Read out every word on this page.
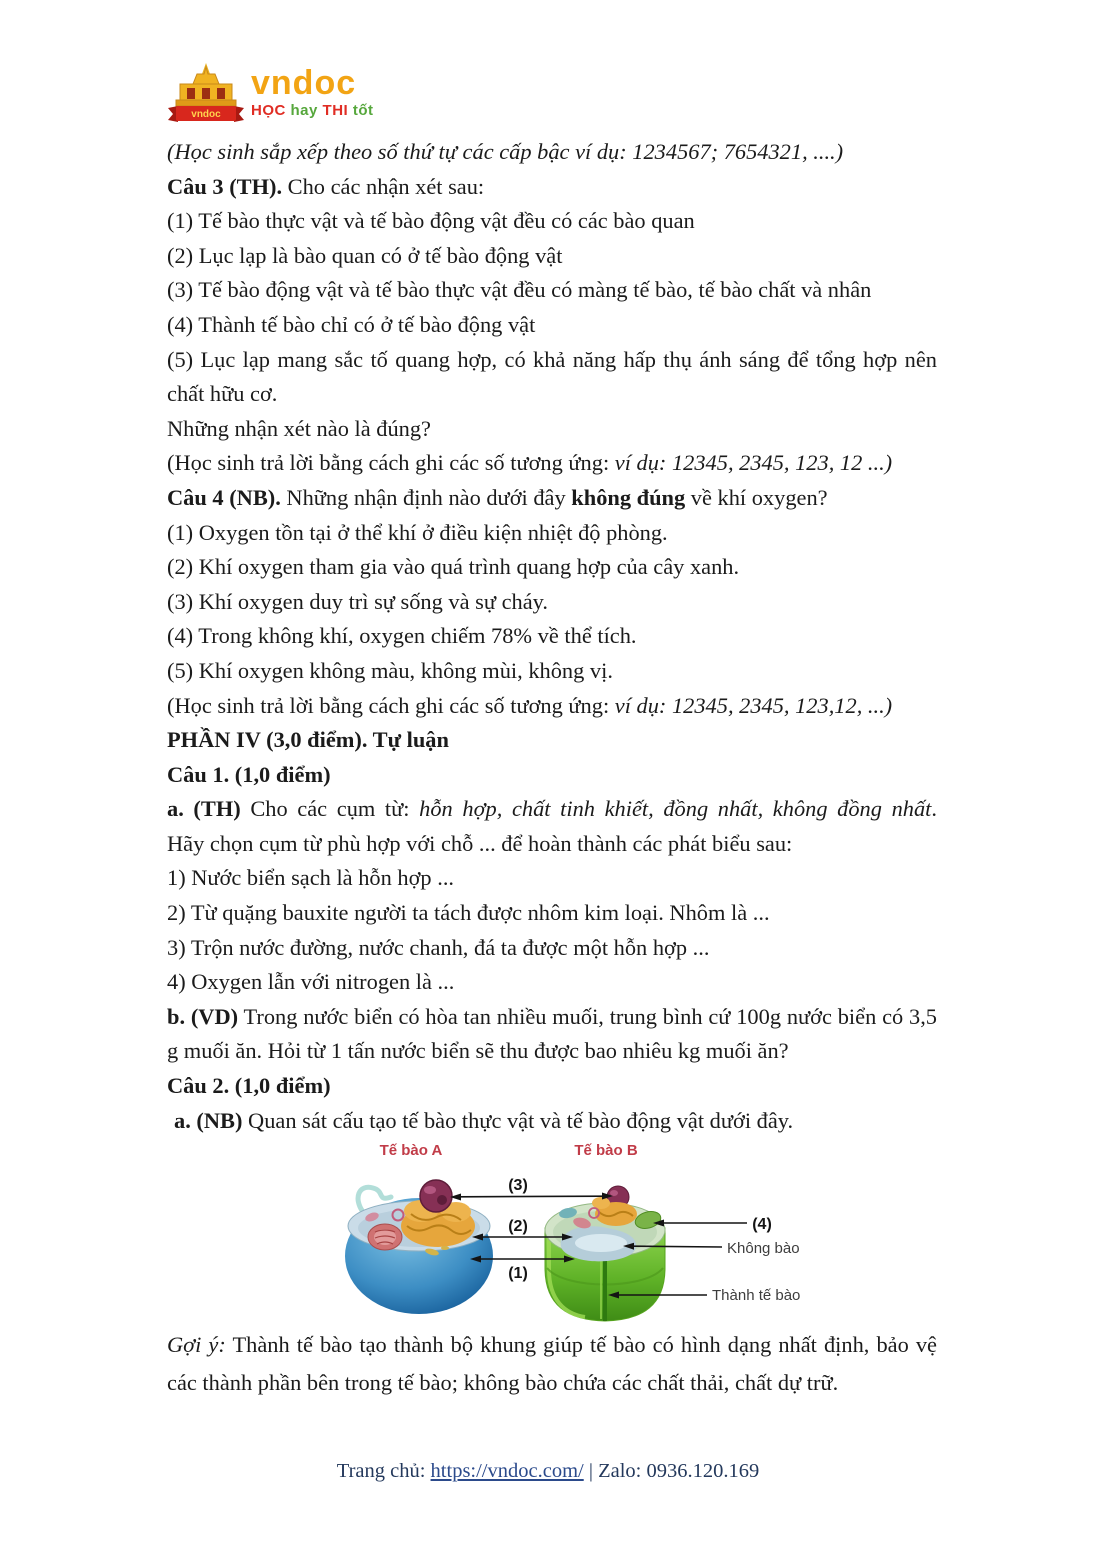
vndoc
vndoc
HỌC hay THI tốt

(Học sinh sắp xếp theo số thứ tự các cấp bậc ví dụ: 1234567; 7654321, ....)

Câu 3 (TH). Cho các nhận xét sau:

(1) Tế bào thực vật và tế bào động vật đều có các bào quan

(2) Lục lạp là bào quan có ở tế bào động vật

(3) Tế bào động vật và tế bào thực vật đều có màng tế bào, tế bào chất và nhân

(4) Thành tế bào chỉ có ở tế bào động vật

(5) Lục lạp mang sắc tố quang hợp, có khả năng hấp thụ ánh sáng để tổng hợp nên chất hữu cơ.

Những nhận xét nào là đúng?

(Học sinh trả lời bằng cách ghi các số tương ứng: ví dụ: 12345, 2345, 123, 12 ...)

Câu 4 (NB). Những nhận định nào dưới đây không đúng về khí oxygen?

(1) Oxygen tồn tại ở thể khí ở điều kiện nhiệt độ phòng.

(2) Khí oxygen tham gia vào quá trình quang hợp của cây xanh.

(3) Khí oxygen duy trì sự sống và sự cháy.

(4) Trong không khí, oxygen chiếm 78% về thể tích.

(5) Khí oxygen không màu, không mùi, không vị.

(Học sinh trả lời bằng cách ghi các số tương ứng: ví dụ: 12345, 2345, 123,12, ...)

PHẦN IV (3,0 điểm). Tự luận

Câu 1. (1,0 điểm)

a. (TH) Cho các cụm từ: hỗn hợp, chất tinh khiết, đồng nhất, không đồng nhất.

Hãy chọn cụm từ phù hợp với chỗ ... để hoàn thành các phát biểu sau:

1) Nước biển sạch là hỗn hợp ...

2) Từ quặng bauxite người ta tách được nhôm kim loại. Nhôm là ...

3) Trộn nước đường, nước chanh, đá ta được một hỗn hợp ...

4) Oxygen lẫn với nitrogen là ...

b. (VD) Trong nước biển có hòa tan nhiều muối, trung bình cứ 100g nước biển có 3,5 g muối ăn. Hỏi từ 1 tấn nước biển sẽ thu được bao nhiêu kg muối ăn?

Câu 2. (1,0 điểm)

a. (NB) Quan sát cấu tạo tế bào thực vật và tế bào động vật dưới đây.

Tế bào A	Tế bào B
(3)
(2)
(1)
(4)
Không bào
Thành tế bào

Gợi ý: Thành tế bào tạo thành bộ khung giúp tế bào có hình dạng nhất định, bảo vệ các thành phần bên trong tế bào; không bào chứa các chất thải, chất dự trữ.

Trang chủ: https://vndoc.com/ | Zalo: 0936.120.169
